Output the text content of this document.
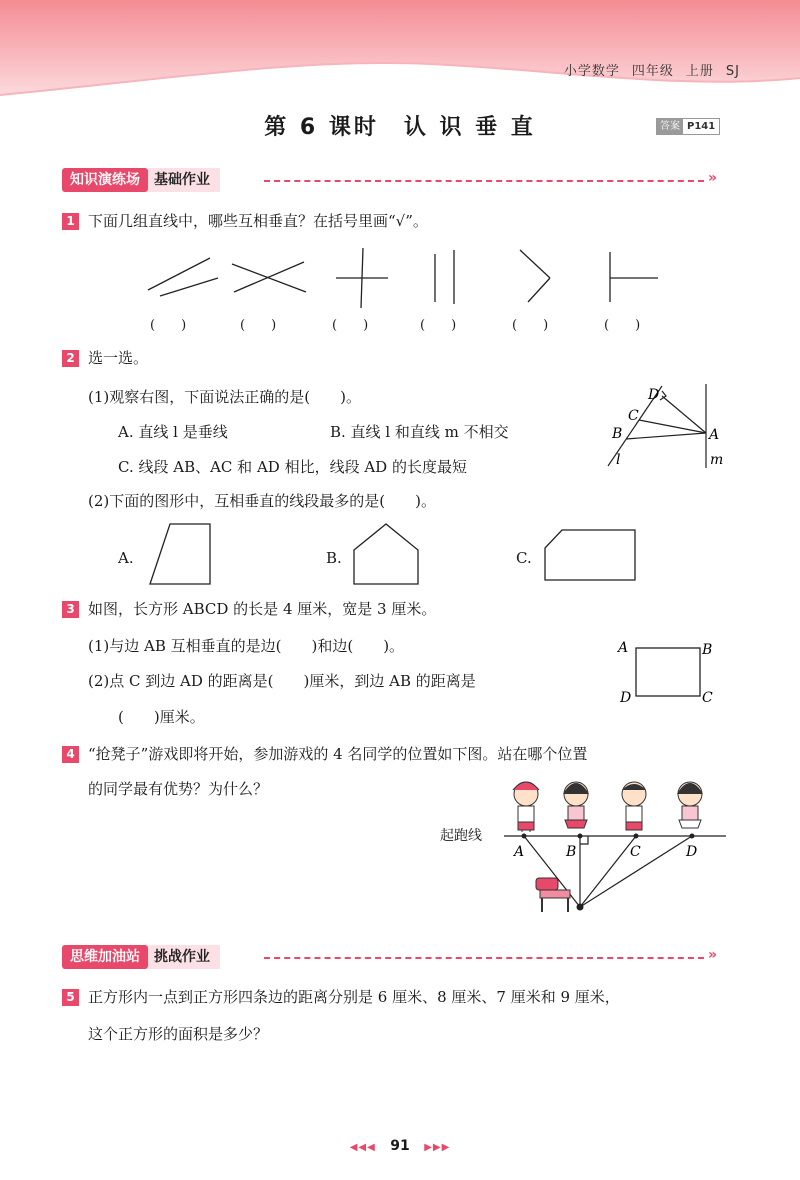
小学数学 四年级 上册 SJ
第 6 课时　认 识 垂 直	答案 P141
知识演练场	基础作业	»
1 下面几组直线中，哪些互相垂直？在括号里画“√”。
(　　)	(　　)	(　　)	(　　)	(　　)	(　　)
2 选一选。
(1)观察右图，下面说法正确的是(　　)。
A. 直线 l 是垂线	B. 直线 l 和直线 m 不相交
C. 线段 AB、AC 和 AD 相比，线段 AD 的长度最短
(2)下面的图形中，互相垂直的线段最多的是(　　)。
D
C
B	A
l	m
A.	B.	C.
3 如图，长方形 ABCD 的长是 4 厘米，宽是 3 厘米。
(1)与边 AB 互相垂直的是边(　　)和边(　　)。
(2)点 C 到边 AD 的距离是(　　)厘米，到边 AB 的距离是
(　　)厘米。
A	B
C
D
4 “抢凳子”游戏即将开始，参加游戏的 4 名同学的位置如下图。站在哪个位置
的同学最有优势？为什么？
起跑线
A	B	C	D
思维加油站	挑战作业	»
5 正方形内一点到正方形四条边的距离分别是 6 厘米、8 厘米、7 厘米和 9 厘米，
这个正方形的面积是多少？
◀◀◀ 91 ▶▶▶
